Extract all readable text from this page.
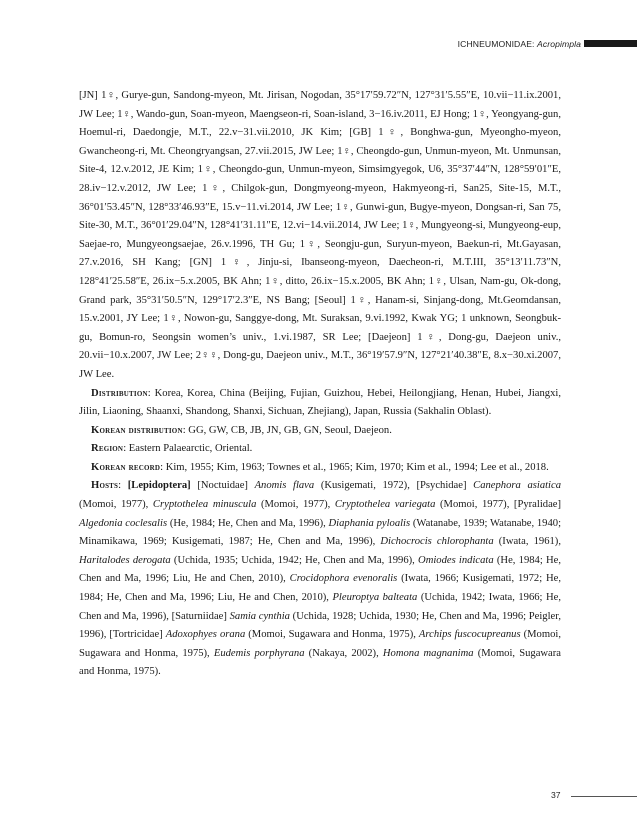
ICHNEUMONIDAE: Acropimpla

[JN] 1♀, Gurye-gun, Sandong-myeon, Mt. Jirisan, Nogodan, 35°17′59.72″N, 127°31′5.55″E, 10.vii−11.ix.2001, JW Lee; 1♀, Wando-gun, Soan-myeon, Maengseon-ri, Soan-island, 3−16.iv.2011, EJ Hong; 1♀, Yeongyang-gun, Hoemul-ri, Daedongje, M.T., 22.v−31.vii.2010, JK Kim; [GB] 1♀, Bonghwa-gun, Myeongho-myeon, Gwancheong-ri, Mt. Cheongryangsan, 27.vii.2015, JW Lee; 1♀, Cheongdo-gun, Unmun-myeon, Mt. Unmunsan, Site-4, 12.v.2012, JE Kim; 1♀, Cheongdo-gun, Unmun-myeon, Simsimgyegok, U6, 35°37′44″N, 128°59′01″E, 28.iv−12.v.2012, JW Lee; 1♀, Chilgok-gun, Dongmyeong-myeon, Hakmyeong-ri, San25, Site-15, M.T., 36°01′53.45″N, 128°33′46.93″E, 15.v−11.vi.2014, JW Lee; 1♀, Gunwi-gun, Bugye-myeon, Dongsan-ri, San 75, Site-30, M.T., 36°01′29.04″N, 128°41′31.11″E, 12.vi−14.vii.2014, JW Lee; 1♀, Mungyeong-si, Mungyeong-eup, Saejae-ro, Mungyeongsaejae, 26.v.1996, TH Gu; 1♀, Seongju-gun, Suryun-myeon, Baekun-ri, Mt.Gayasan, 27.v.2016, SH Kang; [GN] 1♀, Jinju-si, Ibanseong-myeon, Daecheon-ri, M.T.III, 35°13′11.73″N, 128°41′25.58″E, 26.ix−5.x.2005, BK Ahn; 1♀, ditto, 26.ix−15.x.2005, BK Ahn; 1♀, Ulsan, Nam-gu, Ok-dong, Grand park, 35°31′50.5″N, 129°17′2.3″E, NS Bang; [Seoul] 1♀, Hanam-si, Sinjang-dong, Mt.Geomdansan, 15.v.2001, JY Lee; 1♀, Nowon-gu, Sanggye-dong, Mt. Suraksan, 9.vi.1992, Kwak YG; 1 unknown, Seongbuk-gu, Bomun-ro, Seongsin women’s univ., 1.vi.1987, SR Lee; [Daejeon] 1♀, Dong-gu, Daejeon univ., 20.vii−10.x.2007, JW Lee; 2♀♀, Dong-gu, Daejeon univ., M.T., 36°19′57.9″N, 127°21′40.38″E, 8.x−30.xi.2007, JW Lee.

Distribution: Korea, Korea, China (Beijing, Fujian, Guizhou, Hebei, Heilongjiang, Henan, Hubei, Jiangxi, Jilin, Liaoning, Shaanxi, Shandong, Shanxi, Sichuan, Zhejiang), Japan, Russia (Sakhalin Oblast).

Korean distribution: GG, GW, CB, JB, JN, GB, GN, Seoul, Daejeon.

Region: Eastern Palaearctic, Oriental.

Korean record: Kim, 1955; Kim, 1963; Townes et al., 1965; Kim, 1970; Kim et al., 1994; Lee et al., 2018.

Hosts: [Lepidoptera] [Noctuidae] Anomis flava (Kusigemati, 1972), [Psychidae] Canephora asiatica (Momoi, 1977), Cryptothelea minuscula (Momoi, 1977), Cryptothelea variegata (Momoi, 1977), [Pyralidae] Algedonia coclesalis (He, 1984; He, Chen and Ma, 1996), Diaphania pyloalis (Watanabe, 1939; Watanabe, 1940; Minamikawa, 1969; Kusigemati, 1987; He, Chen and Ma, 1996), Dichocrocis chlorophanta (Iwata, 1961), Haritalodes derogata (Uchida, 1935; Uchida, 1942; He, Chen and Ma, 1996), Omiodes indicata (He, 1984; He, Chen and Ma, 1996; Liu, He and Chen, 2010), Crocidophora evenoralis (Iwata, 1966; Kusigemati, 1972; He, 1984; He, Chen and Ma, 1996; Liu, He and Chen, 2010), Pleuroptya balteata (Uchida, 1942; Iwata, 1966; He, Chen and Ma, 1996), [Saturniidae] Samia cynthia (Uchida, 1928; Uchida, 1930; He, Chen and Ma, 1996; Peigler, 1996), [Tortricidae] Adoxophyes orana (Momoi, Sugawara and Honma, 1975), Archips fuscocupreanus (Momoi, Sugawara and Honma, 1975), Eudemis porphyrana (Nakaya, 2002), Homona magnanima (Momoi, Sugawara and Honma, 1975).

37
